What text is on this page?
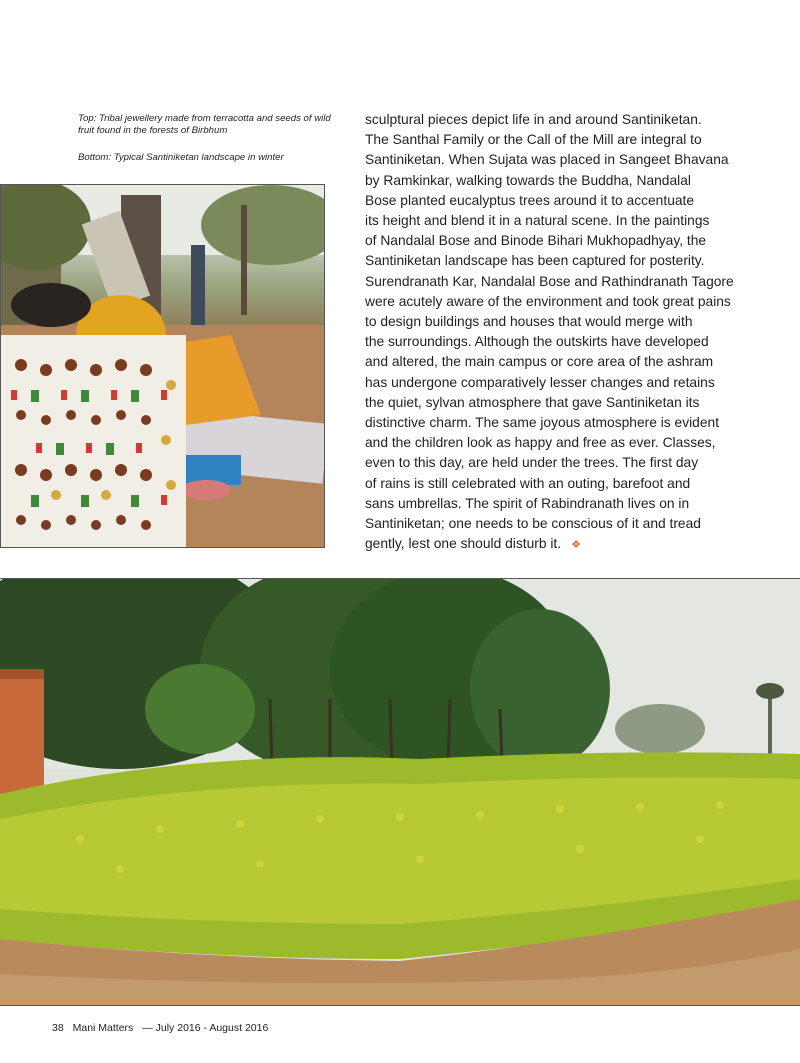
Top: Tribal jewellery made from terracotta and seeds of wild fruit found in the forests of Birbhum

Bottom: Typical Santiniketan landscape in winter

sculptural pieces depict life in and around Santiniketan.
The Santhal Family or the Call of the Mill are integral to
Santiniketan. When Sujata was placed in Sangeet Bhavana
by Ramkinkar, walking towards the Buddha, Nandalal
Bose planted eucalyptus trees around it to accentuate
its height and blend it in a natural scene. In the paintings
of Nandalal Bose and Binode Bihari Mukhopadhyay, the
Santiniketan landscape has been captured for posterity.
Surendranath Kar, Nandalal Bose and Rathindranath Tagore
were acutely aware of the environment and took great pains
to design buildings and houses that would merge with
the surroundings. Although the outskirts have developed
and altered, the main campus or core area of the ashram
has undergone comparatively lesser changes and retains
the quiet, sylvan atmosphere that gave Santiniketan its
distinctive charm. The same joyous atmosphere is evident
and the children look as happy and free as ever. Classes,
even to this day, are held under the trees. The first day
of rains is still celebrated with an outing, barefoot and
sans umbrellas. The spirit of Rabindranath lives on in
Santiniketan; one needs to be conscious of it and tread
gently, lest one should disturb it. ❖
38 Mani Matters — July 2016 - August 2016
